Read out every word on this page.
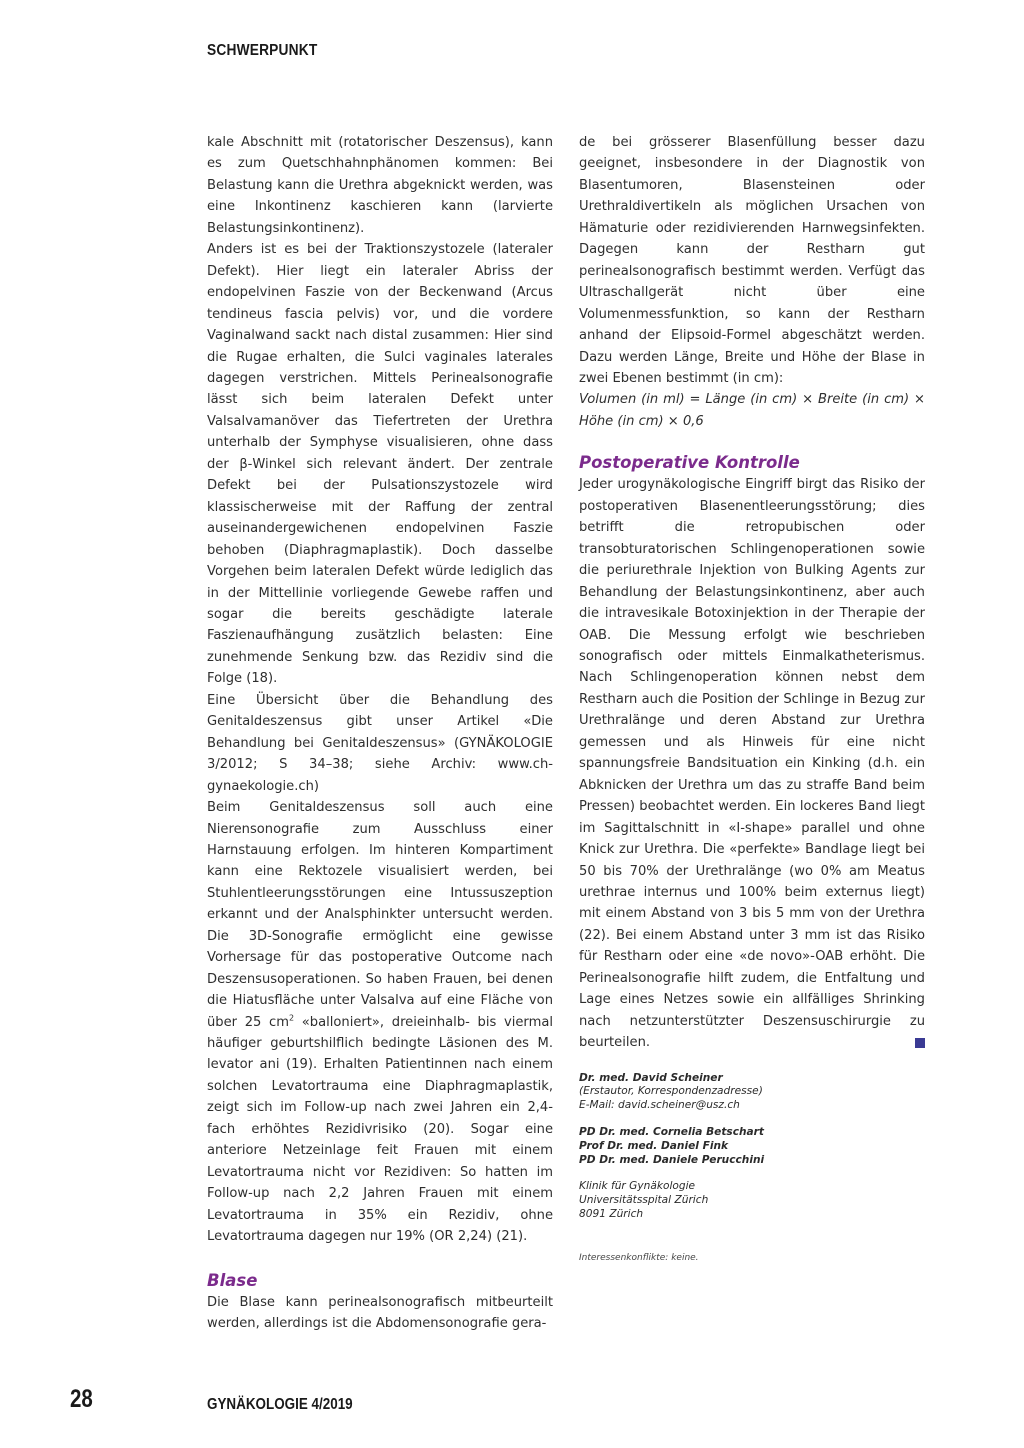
SCHWERPUNKT

kale Abschnitt mit (rotatorischer Deszensus), kann es zum Quetschhahnphänomen kommen: Bei Belastung kann die Urethra abgeknickt werden, was eine Inkontinenz kaschieren kann (larvierte Belastungsinkontinenz).

Anders ist es bei der Traktionszystozele (lateraler Defekt). Hier liegt ein lateraler Abriss der endopelvinen Faszie von der Beckenwand (Arcus tendineus fascia pelvis) vor, und die vordere Vaginalwand sackt nach distal zusammen: Hier sind die Rugae erhalten, die Sulci vaginales laterales dagegen verstrichen. Mittels Perinealsonografie lässt sich beim lateralen Defekt unter Valsalvamanöver das Tiefertreten der Urethra unterhalb der Symphyse visualisieren, ohne dass der β-Winkel sich relevant ändert. Der zentrale Defekt bei der Pulsationszystozele wird klassischerweise mit der Raffung der zentral auseinandergewichenen endopelvinen Faszie behoben (Diaphragmaplastik). Doch dasselbe Vorgehen beim lateralen Defekt würde lediglich das in der Mittellinie vorliegende Gewebe raffen und sogar die bereits geschädigte laterale Faszienaufhängung zusätzlich belasten: Eine zunehmende Senkung bzw. das Rezidiv sind die Folge (18).

Eine Übersicht über die Behandlung des Genitaldeszensus gibt unser Artikel «Die Behandlung bei Genitaldeszensus» (GYNÄKOLOGIE 3/2012; S 34–38; siehe Archiv: www.ch-gynaekologie.ch)

Beim Genitaldeszensus soll auch eine Nierensonografie zum Ausschluss einer Harnstauung erfolgen. Im hinteren Kompartiment kann eine Rektozele visualisiert werden, bei Stuhlentleerungsstörungen eine Intussuszeption erkannt und der Analsphinkter untersucht werden. Die 3D-Sonografie ermöglicht eine gewisse Vorhersage für das postoperative Outcome nach Deszensusoperationen. So haben Frauen, bei denen die Hiatusfläche unter Valsalva auf eine Fläche von über 25 $cm^2$ «balloniert», dreieinhalb- bis viermal häufiger geburtshilflich bedingte Läsionen des M. levator ani (19). Erhalten Patientinnen nach einem solchen Levatortrauma eine Diaphragmaplastik, zeigt sich im Follow-up nach zwei Jahren ein 2,4-fach erhöhtes Rezidivrisiko (20). Sogar eine anteriore Netzeinlage feit Frauen mit einem Levatortrauma nicht vor Rezidiven: So hatten im Follow-up nach 2,2 Jahren Frauen mit einem Levatortrauma in 35% ein Rezidiv, ohne Levatortrauma dagegen nur 19% (OR 2,24) (21).

Blase

Die Blase kann perinealsonografisch mitbeurteilt werden, allerdings ist die Abdomensonografie gera-

de bei grösserer Blasenfüllung besser dazu geeignet, insbesondere in der Diagnostik von Blasentumoren, Blasensteinen oder Urethraldivertikeln als möglichen Ursachen von Hämaturie oder rezidivierenden Harnwegsinfekten. Dagegen kann der Restharn gut perinealsonografisch bestimmt werden. Verfügt das Ultraschallgerät nicht über eine Volumenmessfunktion, so kann der Restharn anhand der Elipsoid-Formel abgeschätzt werden. Dazu werden Länge, Breite und Höhe der Blase in zwei Ebenen bestimmt (in cm):

Volumen (in ml) = Länge (in cm) × Breite (in cm) × Höhe (in cm) × 0,6

Postoperative Kontrolle

Jeder urogynäkologische Eingriff birgt das Risiko der postoperativen Blasenentleerungsstörung; dies betrifft die retropubischen oder transobturatorischen Schlingenoperationen sowie die periurethrale Injektion von Bulking Agents zur Behandlung der Belastungsinkontinenz, aber auch die intravesikale Botoxinjektion in der Therapie der OAB. Die Messung erfolgt wie beschrieben sonografisch oder mittels Einmalkatheterismus. Nach Schlingenoperation können nebst dem Restharn auch die Position der Schlinge in Bezug zur Urethralänge und deren Abstand zur Urethra gemessen und als Hinweis für eine nicht spannungsfreie Bandsituation ein Kinking (d.h. ein Abknicken der Urethra um das zu straffe Band beim Pressen) beobachtet werden. Ein lockeres Band liegt im Sagittalschnitt in «I-shape» parallel und ohne Knick zur Urethra. Die «perfekte» Bandlage liegt bei 50 bis 70% der Urethralänge (wo 0% am Meatus urethrae internus und 100% beim externus liegt) mit einem Abstand von 3 bis 5 mm von der Urethra (22). Bei einem Abstand unter 3 mm ist das Risiko für Restharn oder eine «de novo»-OAB erhöht. Die Perinealsonografie hilft zudem, die Entfaltung und Lage eines Netzes sowie ein allfälliges Shrinking nach netzunterstützter Deszensuschirurgie zu beurteilen.

Dr. med. David Scheiner
(Erstautor, Korrespondenzadresse)
E-Mail: david.scheiner@usz.ch
PD Dr. med. Cornelia Betschart
Prof Dr. med. Daniel Fink
PD Dr. med. Daniele Perucchini
Klinik für Gynäkologie
Universitätsspital Zürich
8091 Zürich
Interessenkonflikte: keine.
28	GYNÄKOLOGIE 4/2019
